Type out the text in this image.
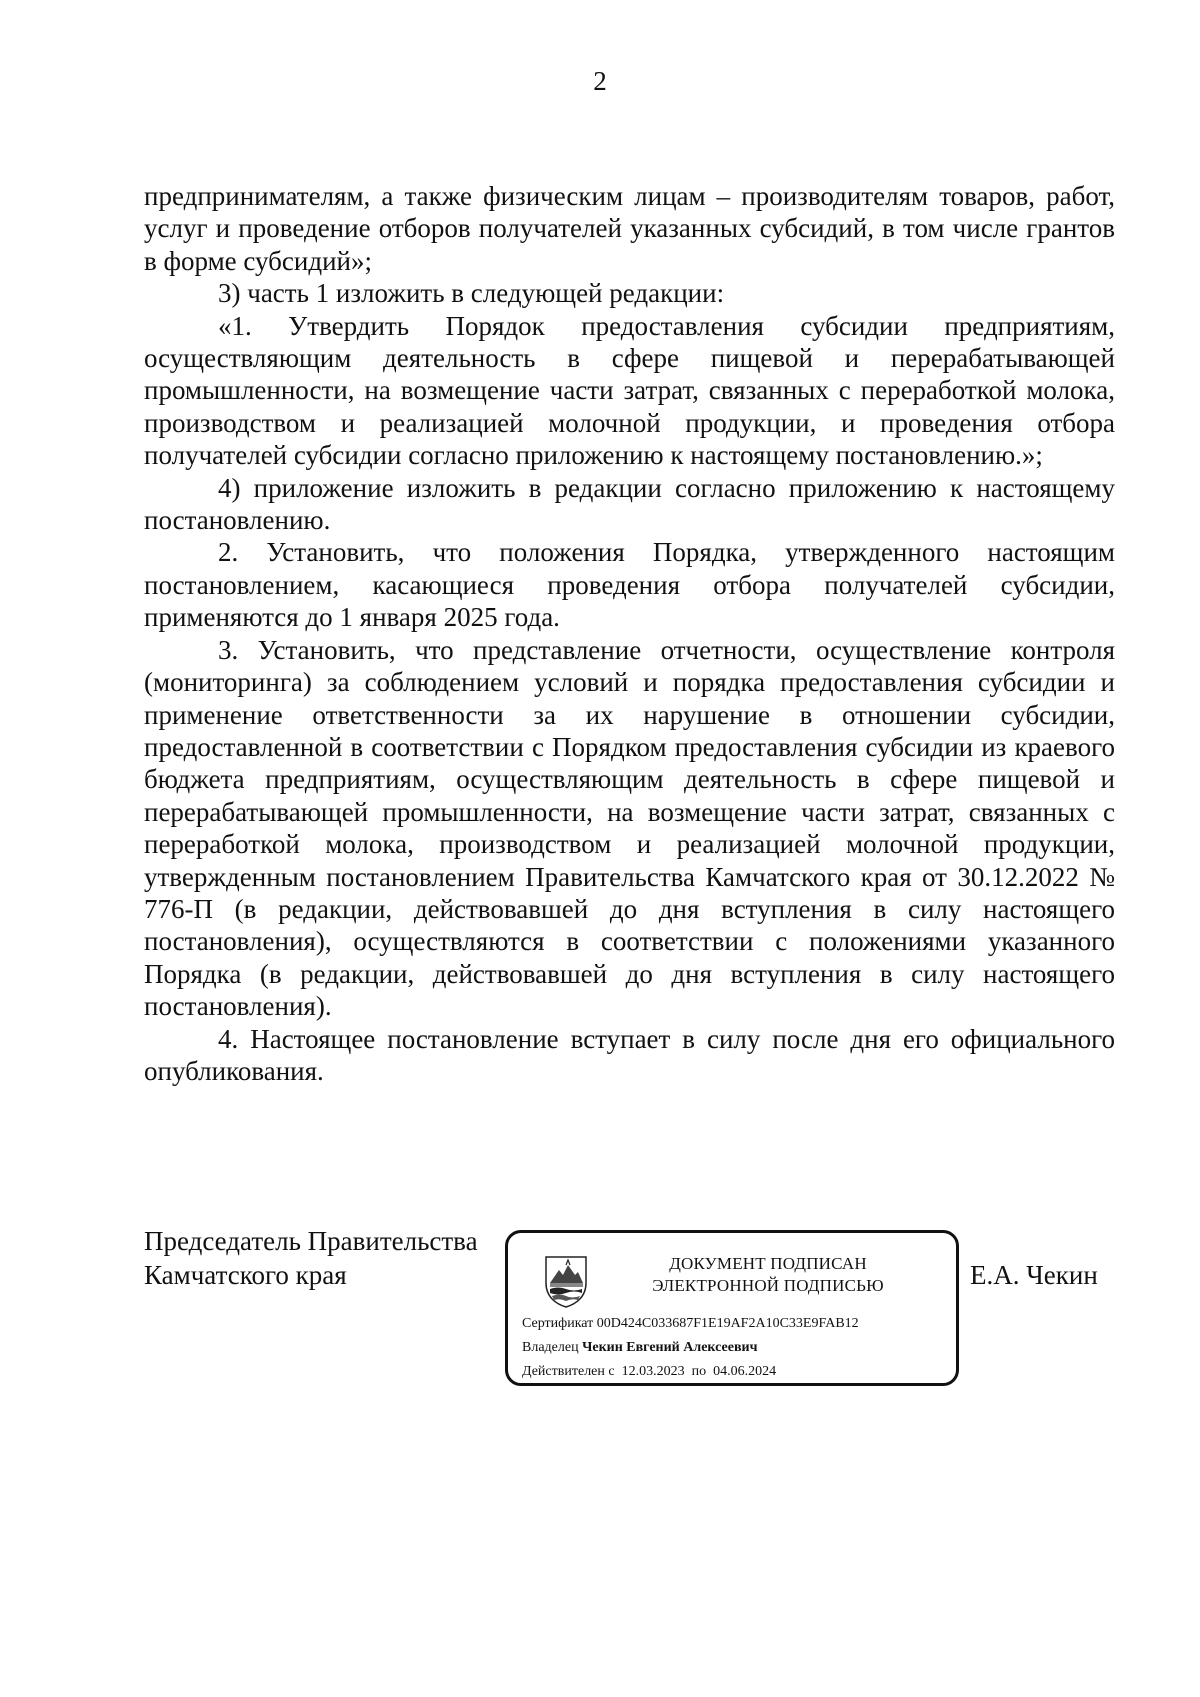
2

предпринимателям, а также физическим лицам – производителям товаров, работ, услуг и проведение отборов получателей указанных субсидий, в том числе грантов в форме субсидий»;

3) часть 1 изложить в следующей редакции:

«1. Утвердить Порядок предоставления субсидии предприятиям, осуществляющим деятельность в сфере пищевой и перерабатывающей промышленности, на возмещение части затрат, связанных с переработкой молока, производством и реализацией молочной продукции, и проведения отбора получателей субсидии согласно приложению к настоящему постановлению.»;

4) приложение изложить в редакции согласно приложению к настоящему постановлению.

2. Установить, что положения Порядка, утвержденного настоящим постановлением, касающиеся проведения отбора получателей субсидии, применяются до 1 января 2025 года.

3. Установить, что представление отчетности, осуществление контроля (мониторинга) за соблюдением условий и порядка предоставления субсидии и применение ответственности за их нарушение в отношении субсидии, предоставленной в соответствии с Порядком предоставления субсидии из краевого бюджета предприятиям, осуществляющим деятельность в сфере пищевой и перерабатывающей промышленности, на возмещение части затрат, связанных с переработкой молока, производством и реализацией молочной продукции, утвержденным постановлением Правительства Камчатского края от 30.12.2022 № 776-П (в редакции, действовавшей до дня вступления в силу настоящего постановления), осуществляются в соответствии с положениями указанного Порядка (в редакции, действовавшей до дня вступления в силу настоящего постановления).

4. Настоящее постановление вступает в силу после дня его официального опубликования.

Председатель Правительства
Камчатского края	ДОКУМЕНТ ПОДПИСАН
ЭЛЕКТРОННОЙ ПОДПИСЬЮ
Сертификат 00D424C033687F1E19AF2A10C33E9FAB12
Владелец Чекин Евгений Алексеевич
Действителен с 12.03.2023 по 04.06.2024
Е.А. Чекин
